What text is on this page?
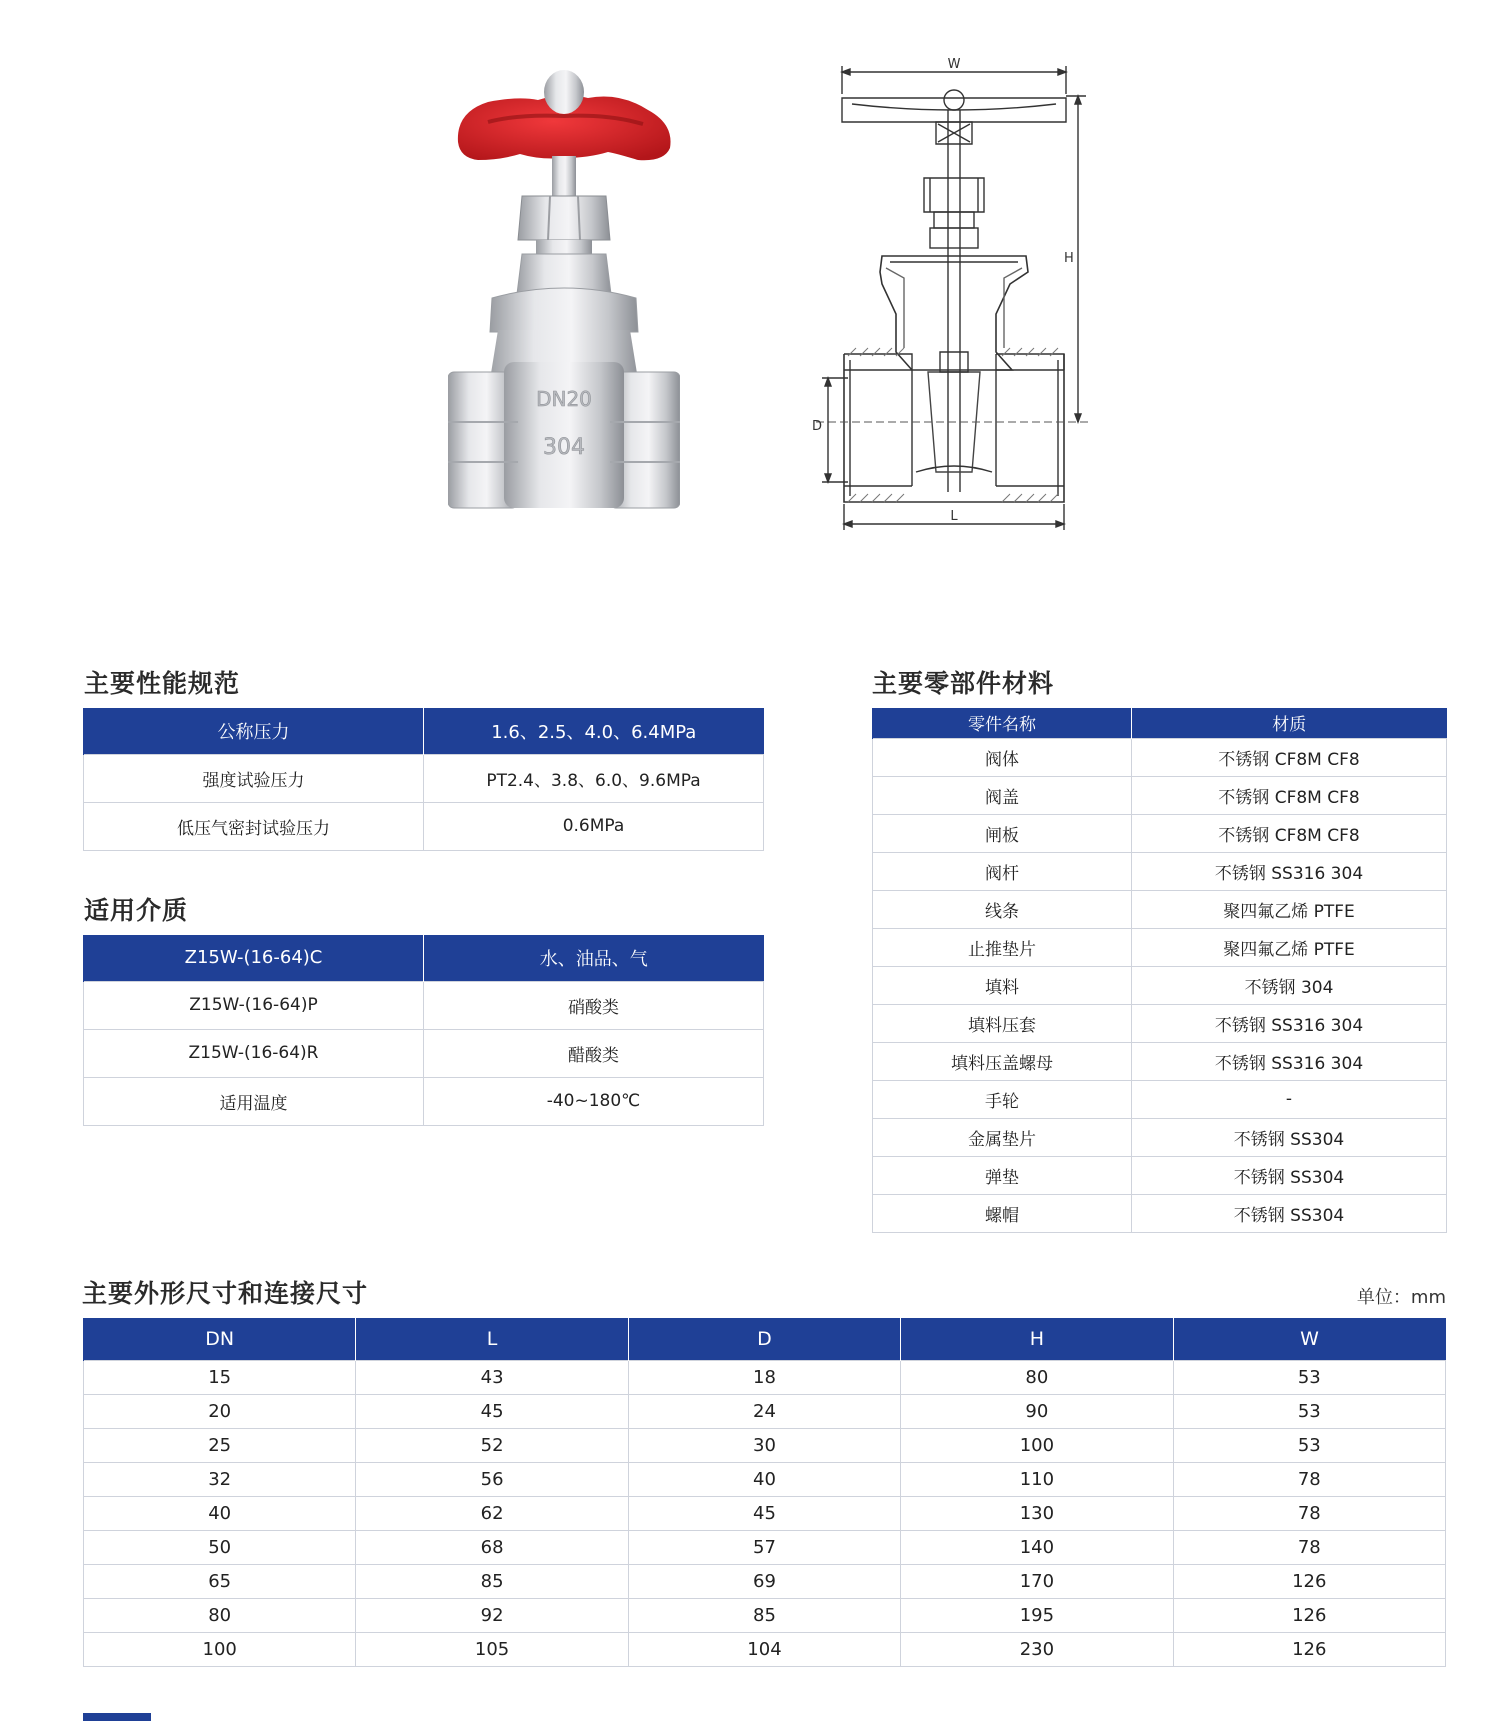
DN20
304
W
H
D
L
主要性能规范
公称压力	1.6、2.5、4.0、6.4MPa
强度试验压力	PT2.4、3.8、6.0、9.6MPa
低压气密封试验压力	0.6MPa
适用介质
Z15W-(16-64)C	水、油品、气
Z15W-(16-64)P	硝酸类
Z15W-(16-64)R	醋酸类
适用温度	-40~180℃
主要零部件材料
零件名称	材质
阀体	不锈钢 CF8M CF8
阀盖	不锈钢 CF8M CF8
闸板	不锈钢 CF8M CF8
阀杆	不锈钢 SS316 304
线条	聚四氟乙烯 PTFE
止推垫片	聚四氟乙烯 PTFE
填料	不锈钢 304
填料压套	不锈钢 SS316 304
填料压盖螺母	不锈钢 SS316 304
手轮	-
金属垫片	不锈钢 SS304
弹垫	不锈钢 SS304
螺帽	不锈钢 SS304
主要外形尺寸和连接尺寸	单位：mm
DN	L	D	H	W
15	43	18	80	53
20	45	24	90	53
25	52	30	100	53
32	56	40	110	78
40	62	45	130	78
50	68	57	140	78
65	85	69	170	126
80	92	85	195	126
100	105	104	230	126
